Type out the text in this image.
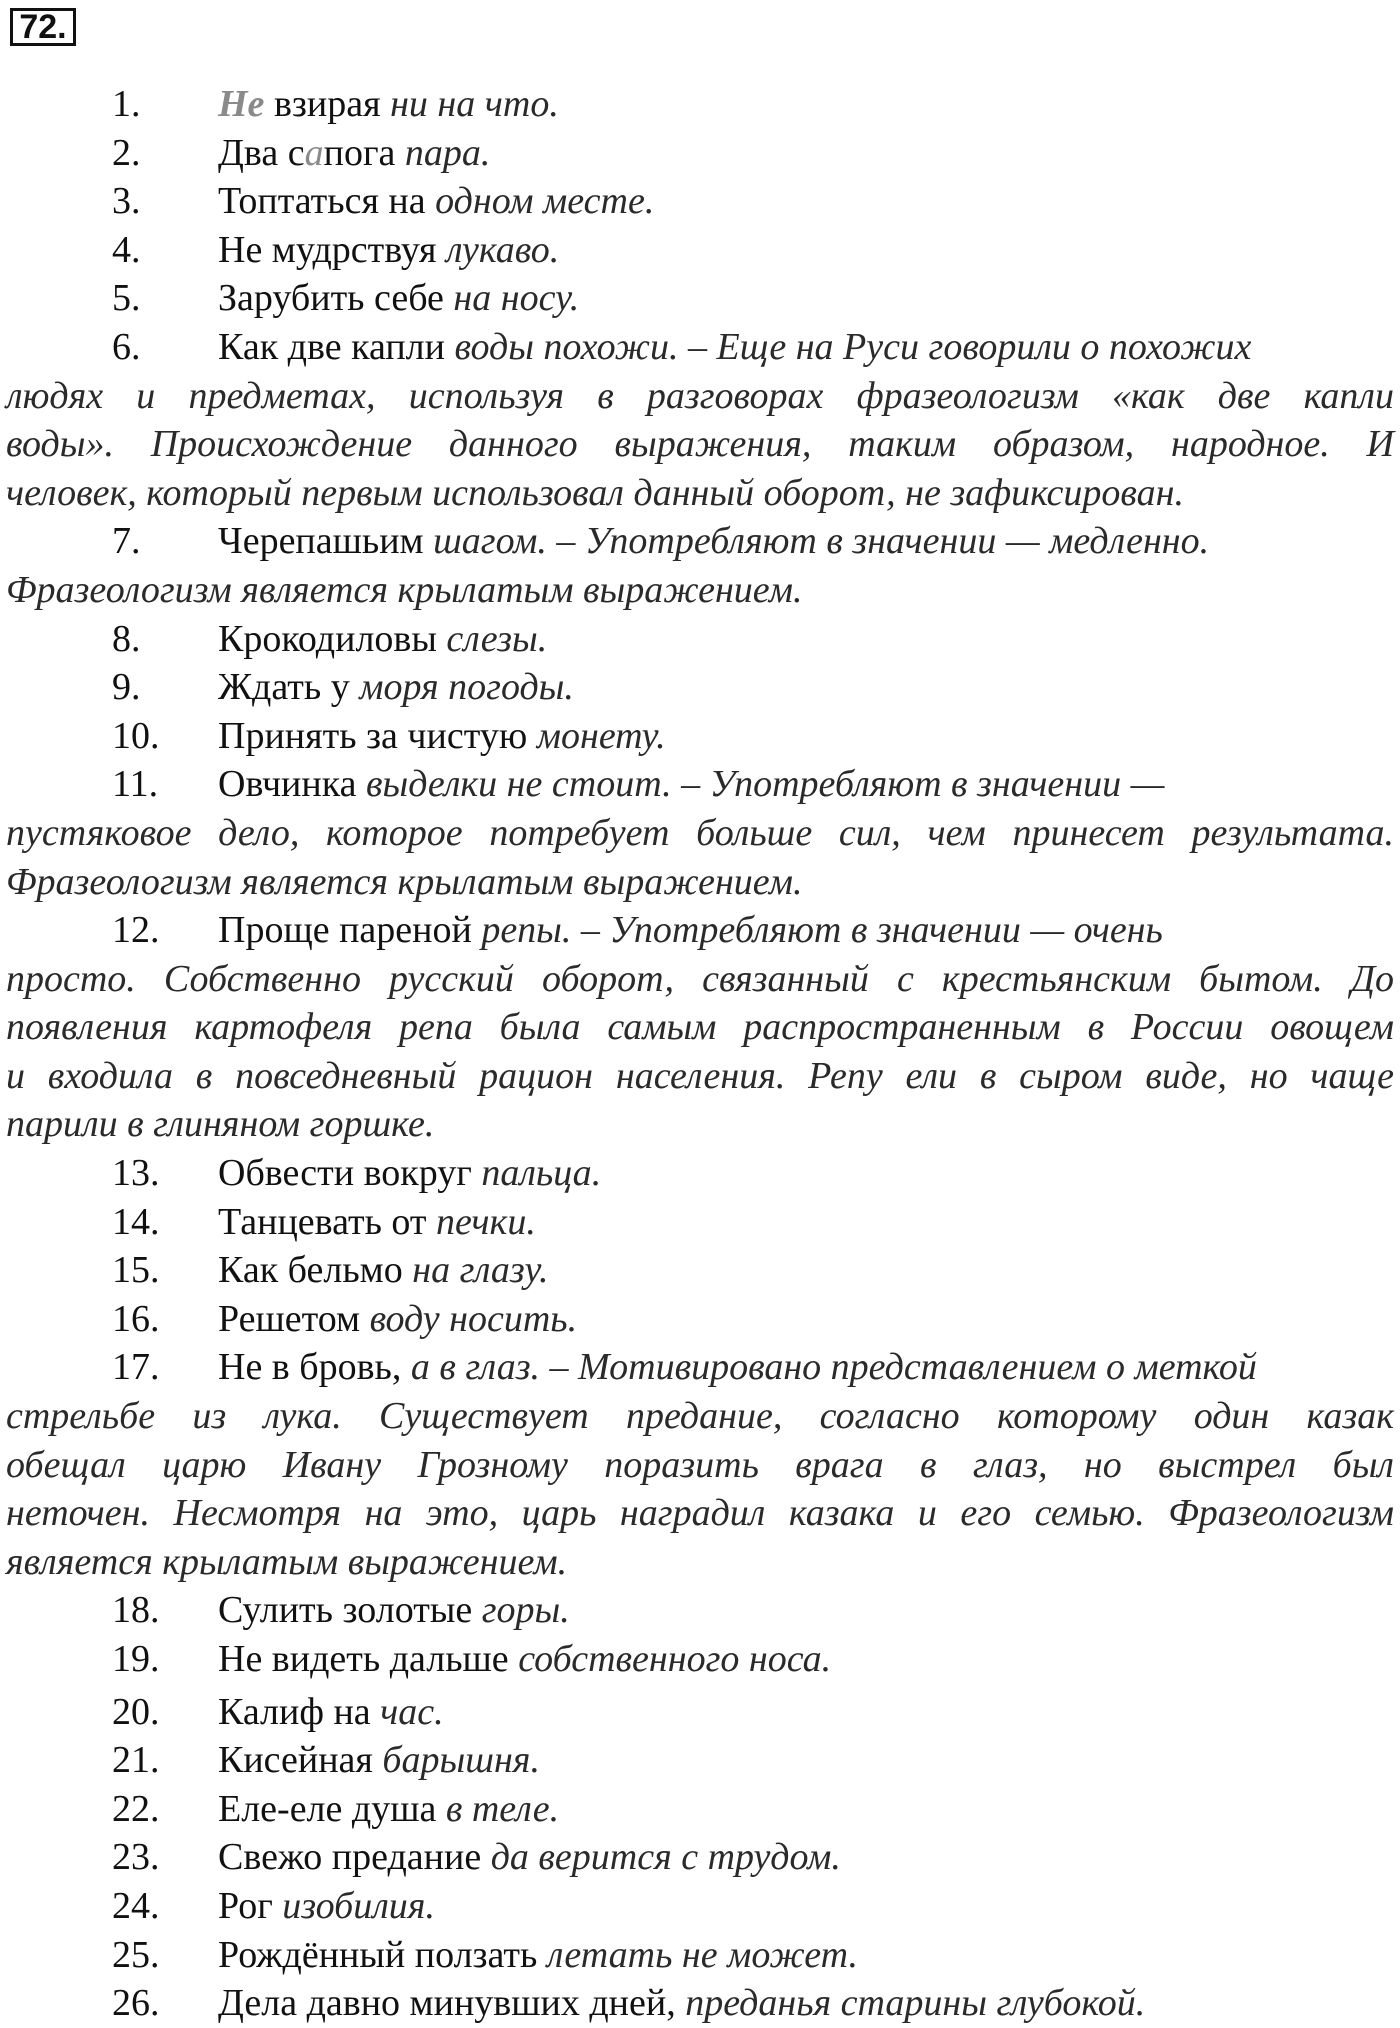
72.
1. Не взирая ни на что.
2. Два сапога пара.
3. Топтаться на одном месте.
4. Не мудрствуя лукаво.
5. Зарубить себе на носу.
6. Как две капли воды похожи. – Еще на Руси говорили о похожих
людях и предметах, используя в разговорах фразеологизм «как две капли
воды». Происхождение данного выражения, таким образом, народное. И
человек, который первым использовал данный оборот, не зафиксирован.
7. Черепашьим шагом. – Употребляют в значении — медленно.
Фразеологизм является крылатым выражением.
8. Крокодиловы слезы.
9. Ждать у моря погоды.
10. Принять за чистую монету.
11. Овчинка выделки не стоит. – Употребляют в значении —
пустяковое дело, которое потребует больше сил, чем принесет результата.
Фразеологизм является крылатым выражением.
12. Проще пареной репы. – Употребляют в значении — очень
просто. Собственно русский оборот, связанный с крестьянским бытом. До
появления картофеля репа была самым распространенным в России овощем
и входила в повседневный рацион населения. Репу ели в сыром виде, но чаще
парили в глиняном горшке.
13. Обвести вокруг пальца.
14. Танцевать от печки.
15. Как бельмо на глазу.
16. Решетом воду носить.
17. Не в бровь, а в глаз. – Мотивировано представлением о меткой
стрельбе из лука. Существует предание, согласно которому один казак
обещал царю Ивану Грозному поразить врага в глаз, но выстрел был
неточен. Несмотря на это, царь наградил казака и его семью. Фразеологизм
является крылатым выражением.
18. Сулить золотые горы.
19. Не видеть дальше собственного носа.
20. Калиф на час.
21. Кисейная барышня.
22. Еле-еле душа в теле.
23. Свежо предание да верится с трудом.
24. Рог изобилия.
25. Рождённый ползать летать не может.
26. Дела давно минувших дней, преданья старины глубокой.
